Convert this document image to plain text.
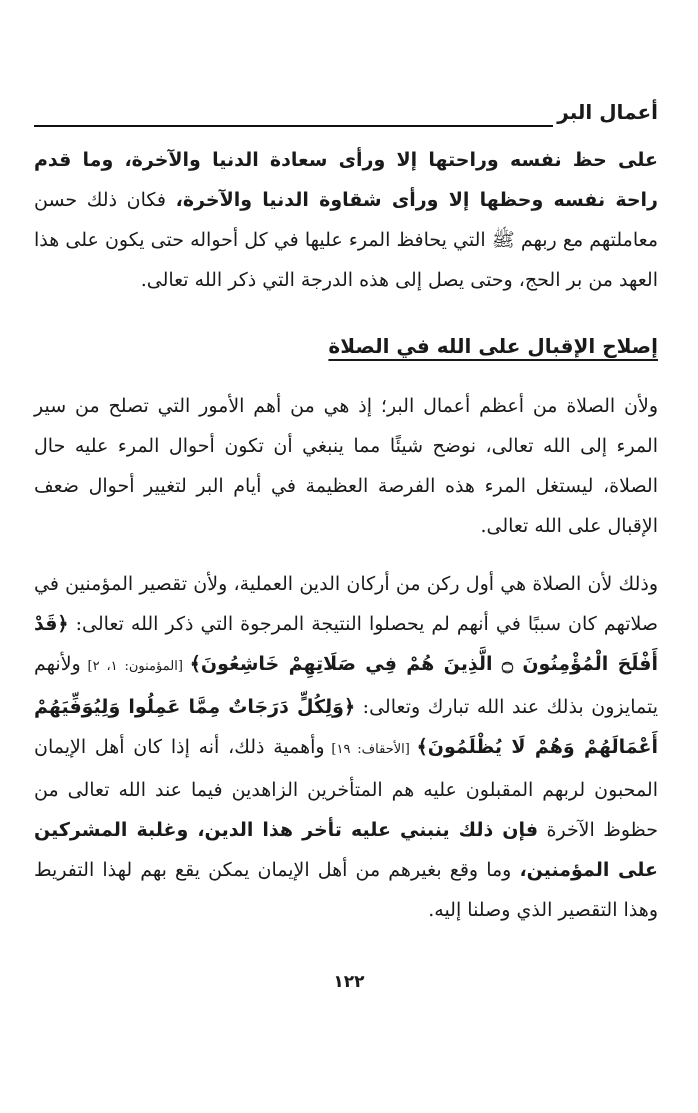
أعمال البر

على حظ نفسه وراحتها إلا ورأى سعادة الدنيا والآخرة، وما قدم راحة نفسه وحظها إلا ورأى شقاوة الدنيا والآخرة، فكان ذلك حسن معاملتهم مع ربهم ﷺ التي يحافظ المرء عليها في كل أحواله حتى يكون على هذا العهد من بر الحج، وحتى يصل إلى هذه الدرجة التي ذكر الله تعالى.

إصلاح الإقبال على الله في الصلاة

ولأن الصلاة من أعظم أعمال البر؛ إذ هي من أهم الأمور التي تصلح من سير المرء إلى الله تعالى، نوضح شيئًا مما ينبغي أن تكون أحوال المرء عليه حال الصلاة، ليستغل المرء هذه الفرصة العظيمة في أيام البر لتغيير أحوال ضعف الإقبال على الله تعالى.

وذلك لأن الصلاة هي أول ركن من أركان الدين العملية، ولأن تقصير المؤمنين في صلاتهم كان سببًا في أنهم لم يحصلوا النتيجة المرجوة التي ذكر الله تعالى: ﴿قَدْ أَفْلَحَ الْمُؤْمِنُونَ ۝ الَّذِينَ هُمْ فِي صَلَاتِهِمْ خَاشِعُونَ﴾ [المؤمنون: ١، ٢] ولأنهم يتمايزون بذلك عند الله تبارك وتعالى: ﴿وَلِكُلٍّ دَرَجَاتٌ مِمَّا عَمِلُوا وَلِيُوَفِّيَهُمْ أَعْمَالَهُمْ وَهُمْ لَا يُظْلَمُونَ﴾ [الأحقاف: ١٩] وأهمية ذلك، أنه إذا كان أهل الإيمان المحبون لربهم المقبلون عليه هم المتأخرين الزاهدين فيما عند الله تعالى من حظوظ الآخرة فإن ذلك ينبني عليه تأخر هذا الدين، وغلبة المشركين على المؤمنين، وما وقع بغيرهم من أهل الإيمان يمكن يقع بهم لهذا التفريط وهذا التقصير الذي وصلنا إليه.

١٢٢
